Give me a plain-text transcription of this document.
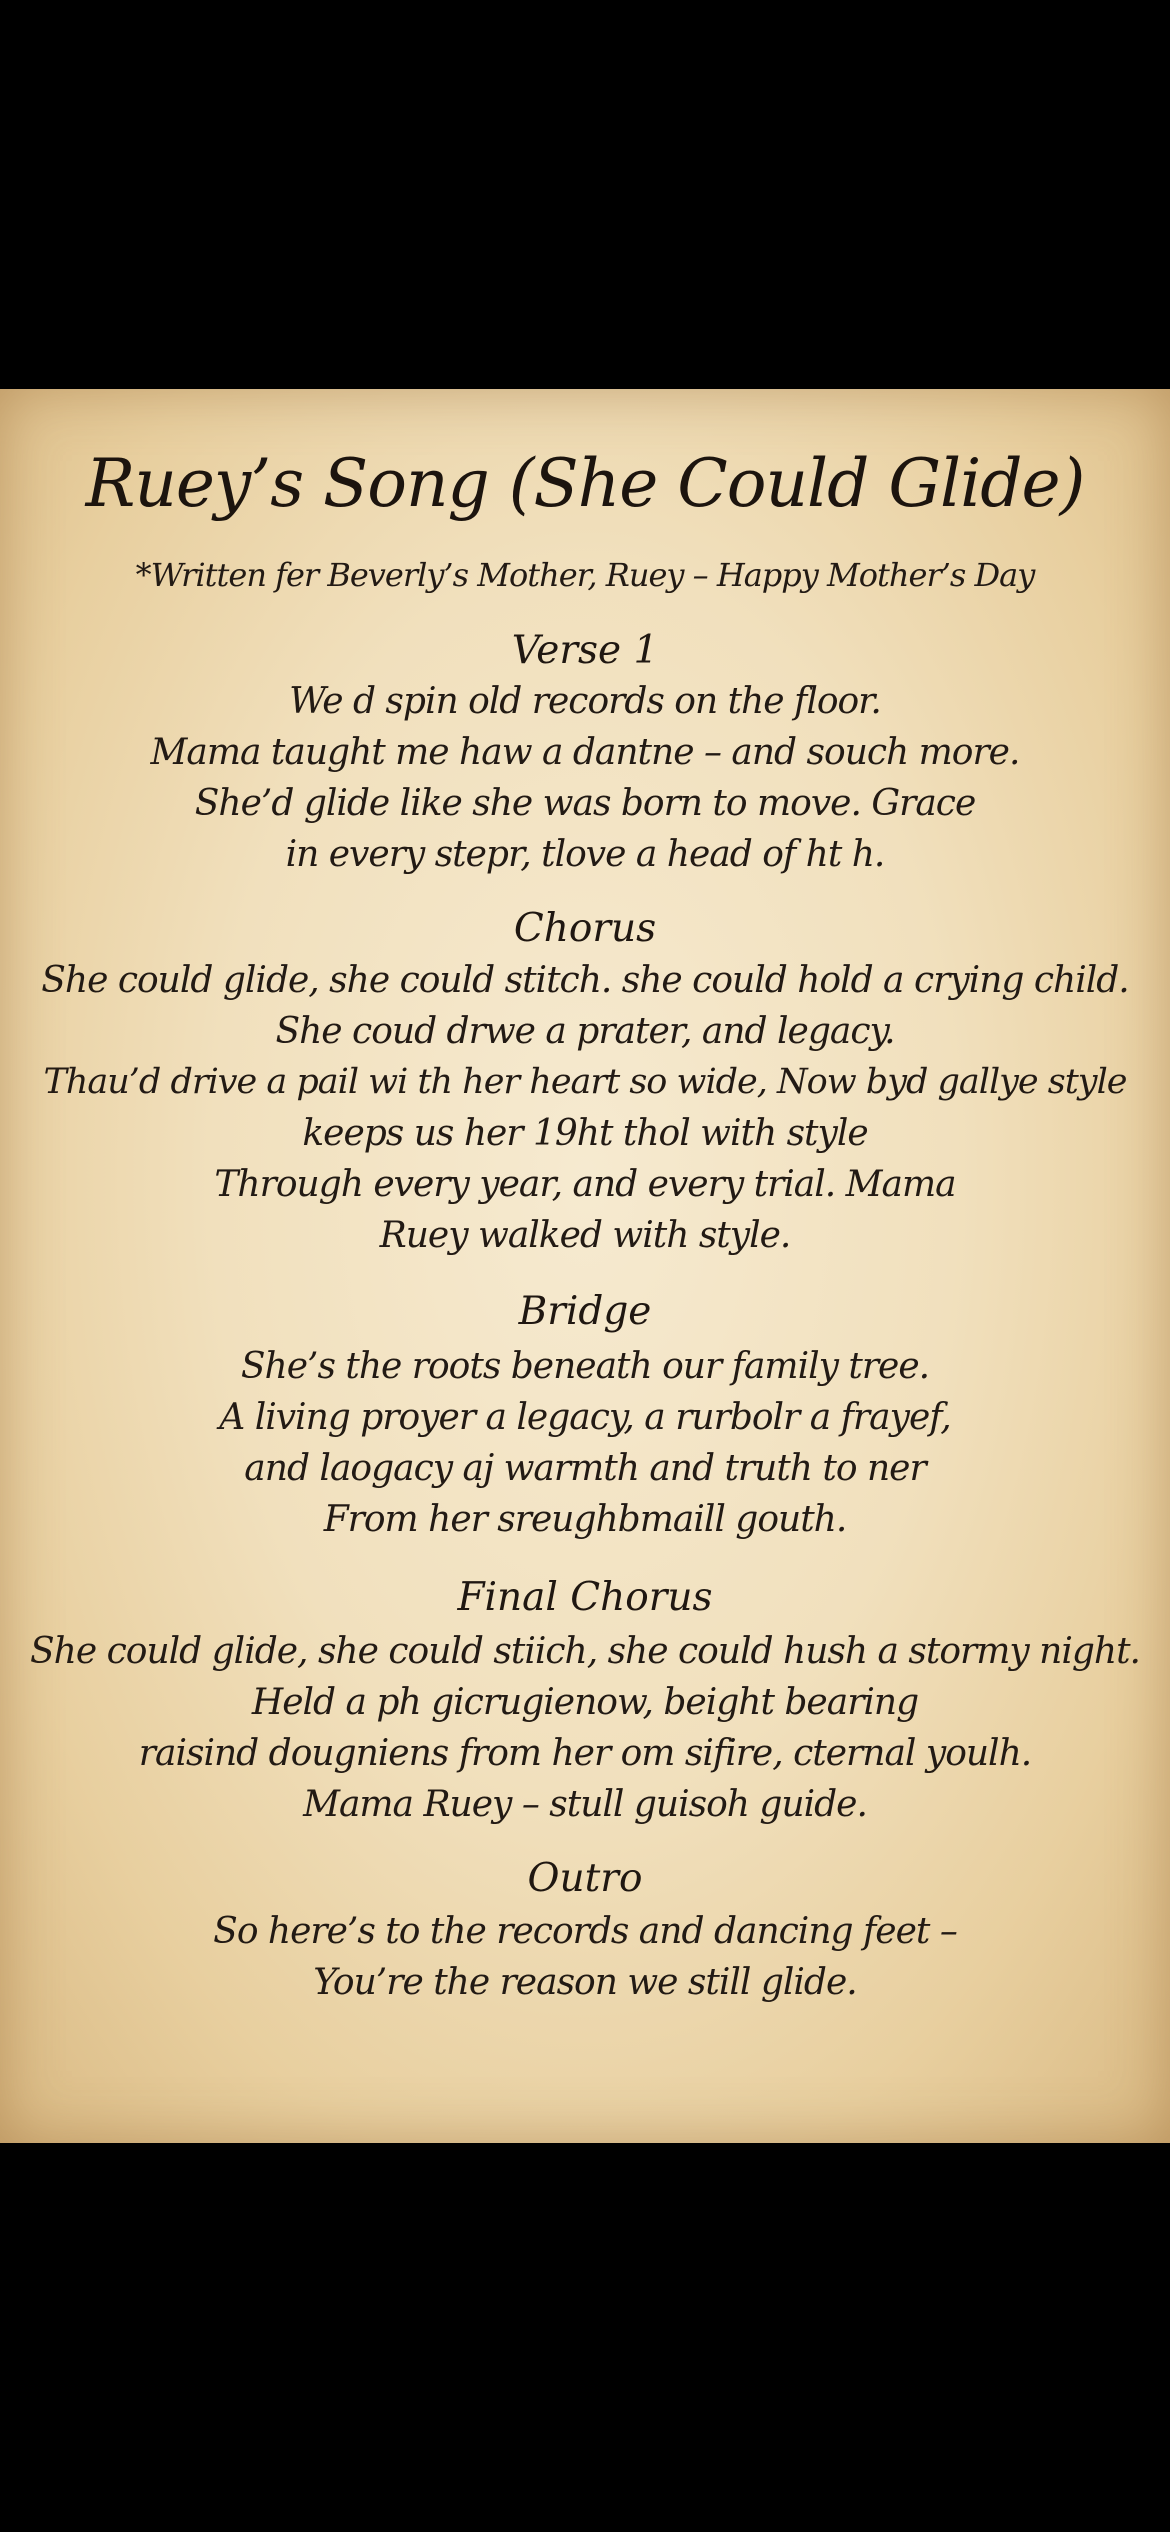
Ruey’s Song (She Could Glide)
*Written fer Beverly’s Mother, Ruey – Happy Mother’s Day
Verse 1
We d spin old records on the floor.
Mama taught me haw a dantne – and souch more.
She’d glide like she was born to move. Grace
in every stepr, tlove a head of ht h.
Chorus
She could glide, she could stitch. she could hold a crying child.
She coud drwe a prater, and legacy.
Thau’d drive a pail wi th her heart so wide, Now byd gallye style
keeps us her 19ht thol with style
Through every year, and every trial. Mama
Ruey walked with style.
Bridge
She’s the roots beneath our family tree.
A living proyer a legacy, a rurbolr a frayef,
and laogacy aj warmth and truth to ner
From her sreughbmaill gouth.
Final Chorus
She could glide, she could stiich, she could hush a stormy night.
Held a ph gicrugienow, beight bearing
raisind dougniens from her om sifire, cternal youlh.
Mama Ruey – stull guisoh guide.
Outro
So here’s to the records and dancing feet –
You’re the reason we still glide.
